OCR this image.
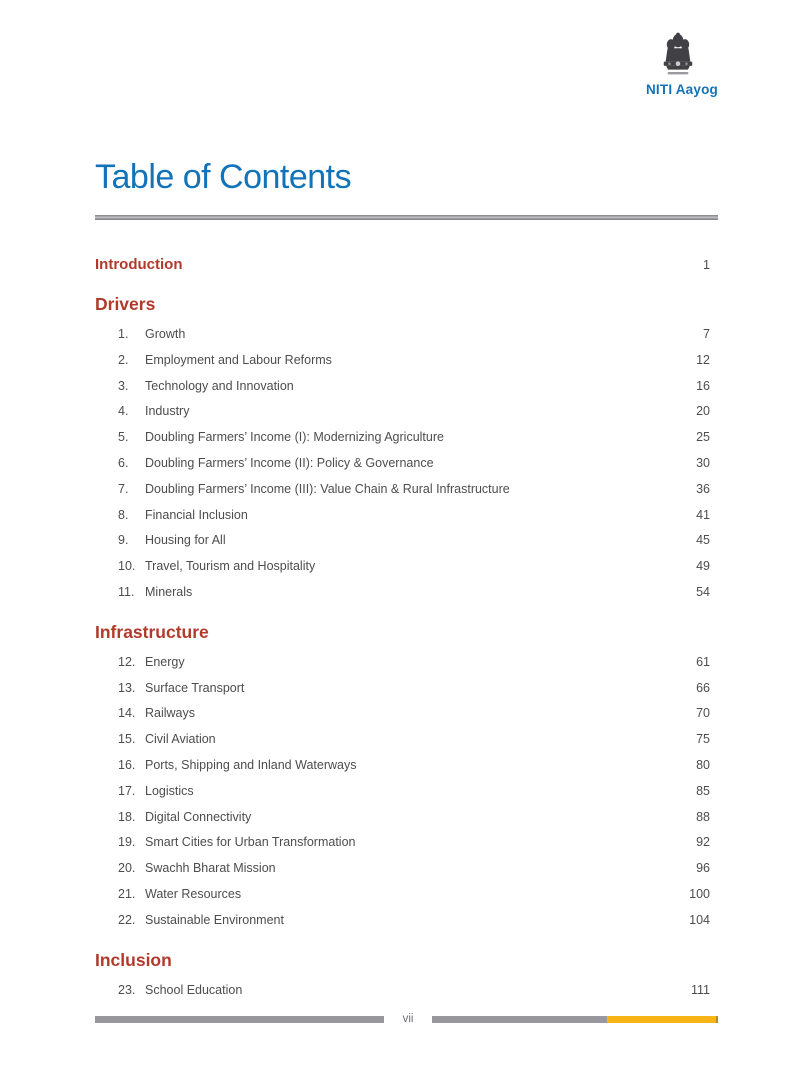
NITI Aayog
Table of Contents
Introduction	1
Drivers
1.	Growth	7
2.	Employment and Labour Reforms	12
3.	Technology and Innovation	16
4.	Industry	20
5.	Doubling Farmers’ Income (I): Modernizing Agriculture	25
6.	Doubling Farmers’ Income (II): Policy & Governance	30
7.	Doubling Farmers’ Income (III): Value Chain & Rural Infrastructure	36
8.	Financial Inclusion	41
9.	Housing for All	45
10. Travel, Tourism and Hospitality	49
11. Minerals	54
Infrastructure
12. Energy	61
13. Surface Transport	66
14. Railways	70
15. Civil Aviation	75
16. Ports, Shipping and Inland Waterways	80
17. Logistics	85
18. Digital Connectivity	88
19. Smart Cities for Urban Transformation	92
20. Swachh Bharat Mission	96
21. Water Resources	100
22. Sustainable Environment	104
Inclusion
23. School Education	111
vii
